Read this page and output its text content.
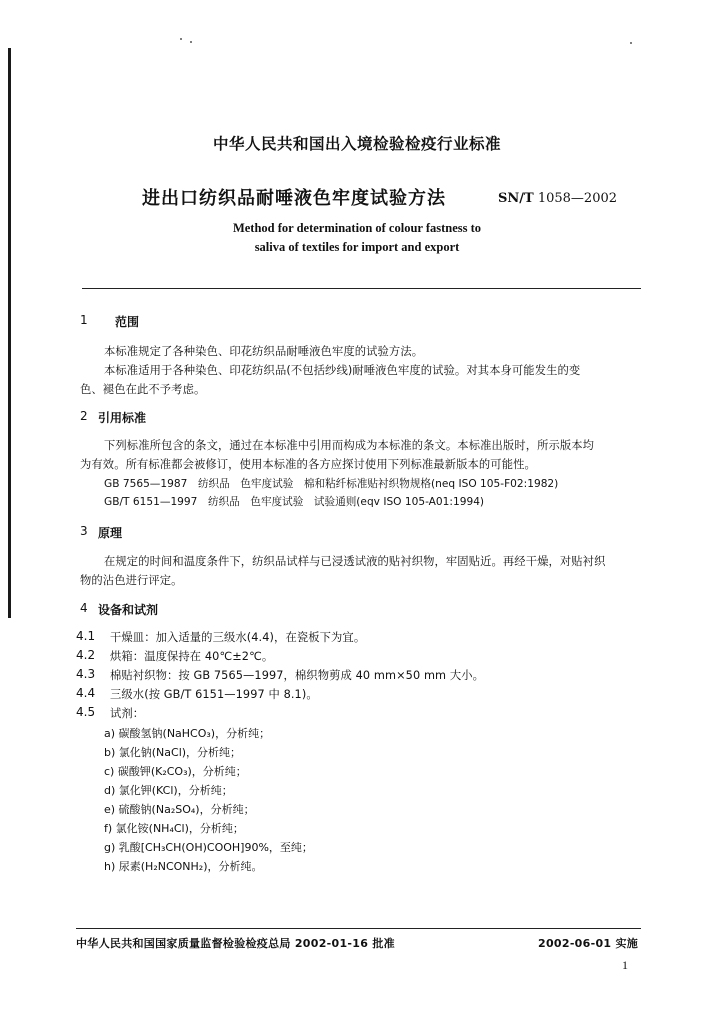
中华人民共和国出入境检验检疫行业标准
进出口纺织品耐唾液色牢度试验方法	SN/T 1058—2002
Method for determination of colour fastness to
saliva of textiles for import and export
1 范围
本标准规定了各种染色、印花纺织品耐唾液色牢度的试验方法。
本标准适用于各种染色、印花纺织品(不包括纱线)耐唾液色牢度的试验。对其本身可能发生的变
色、褪色在此不予考虑。
2 引用标准
下列标准所包含的条文，通过在本标准中引用而构成为本标准的条文。本标准出版时，所示版本均
为有效。所有标准都会被修订，使用本标准的各方应探讨使用下列标准最新版本的可能性。
GB 7565—1987　纺织品　色牢度试验　棉和粘纤标准贴衬织物规格(neq ISO 105-F02:1982)
GB/T 6151—1997　纺织品　色牢度试验　试验通则(eqv ISO 105-A01:1994)
3 原理
在规定的时间和温度条件下，纺织品试样与已浸透试液的贴衬织物，牢固贴近。再经干燥，对贴衬织
物的沾色进行评定。
4 设备和试剂
4.1 干燥皿：加入适量的三级水(4.4)，在瓷板下为宜。
4.2 烘箱：温度保持在 40℃±2℃。
4.3 棉贴衬织物：按 GB 7565—1997，棉织物剪成 40 mm×50 mm 大小。
4.4 三级水(按 GB/T 6151—1997 中 8.1)。
4.5 试剂：
a) 碳酸氢钠(NaHCO₃)，分析纯；
b) 氯化钠(NaCl)，分析纯；
c) 碳酸钾(K₂CO₃)，分析纯；
d) 氯化钾(KCl)，分析纯；
e) 硫酸钠(Na₂SO₄)，分析纯；
f) 氯化铵(NH₄Cl)，分析纯；
g) 乳酸[CH₃CH(OH)COOH]90%，至纯；
h) 尿素(H₂NCONH₂)，分析纯。
中华人民共和国国家质量监督检验检疫总局 2002-01-16 批准	2002-06-01 实施
1
